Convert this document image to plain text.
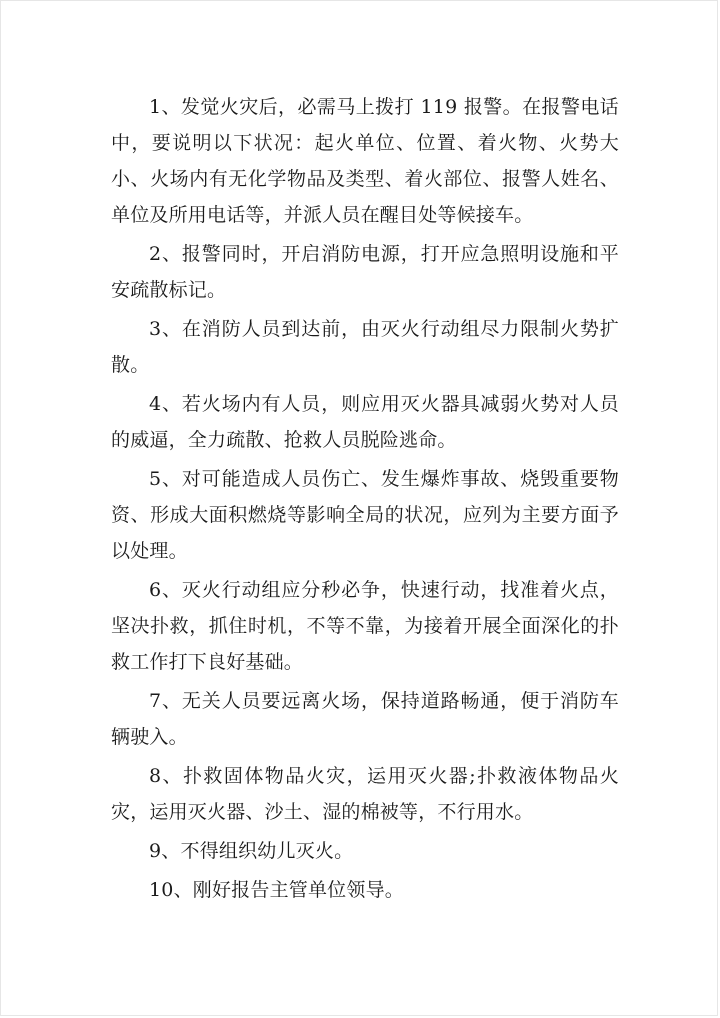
1、发觉火灾后，必需马上拨打 119 报警。在报警电话中，要说明以下状况：起火单位、位置、着火物、火势大小、火场内有无化学物品及类型、着火部位、报警人姓名、单位及所用电话等，并派人员在醒目处等候接车。

2、报警同时，开启消防电源，打开应急照明设施和平安疏散标记。

3、在消防人员到达前，由灭火行动组尽力限制火势扩散。

4、若火场内有人员，则应用灭火器具减弱火势对人员的威逼，全力疏散、抢救人员脱险逃命。

5、对可能造成人员伤亡、发生爆炸事故、烧毁重要物资、形成大面积燃烧等影响全局的状况，应列为主要方面予以处理。

6、灭火行动组应分秒必争，快速行动，找准着火点，坚决扑救，抓住时机，不等不靠，为接着开展全面深化的扑救工作打下良好基础。

7、无关人员要远离火场，保持道路畅通，便于消防车辆驶入。

8、扑救固体物品火灾，运用灭火器;扑救液体物品火灾，运用灭火器、沙土、湿的棉被等，不行用水。

9、不得组织幼儿灭火。

10、刚好报告主管单位领导。
